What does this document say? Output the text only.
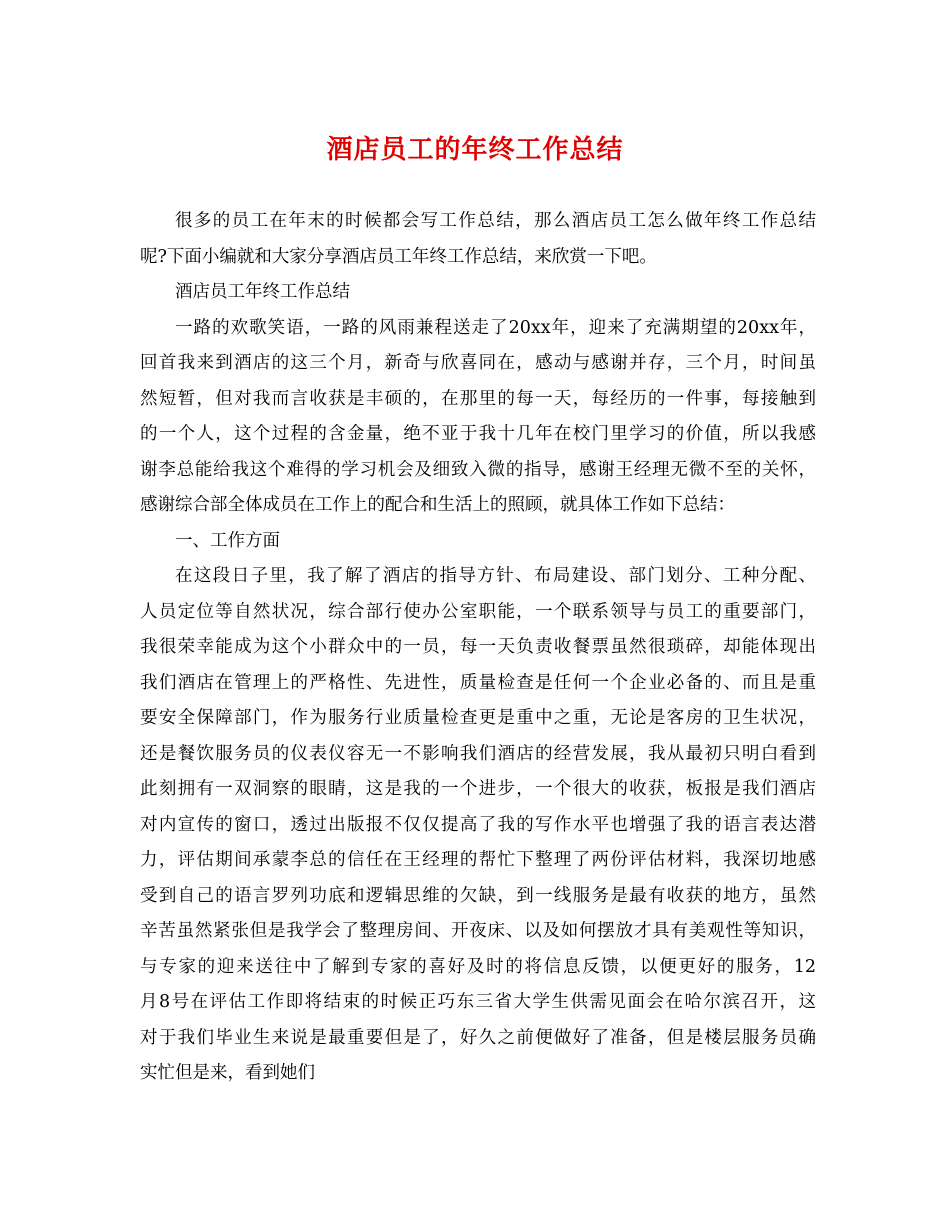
酒店员工的年终工作总结
很多的员工在年末的时候都会写工作总结，那么酒店员工怎么做年终工作总结
呢?下面小编就和大家分享酒店员工年终工作总结，来欣赏一下吧。
酒店员工年终工作总结
一路的欢歌笑语，一路的风雨兼程送走了20xx年，迎来了充满期望的20xx年，
回首我来到酒店的这三个月，新奇与欣喜同在，感动与感谢并存，三个月，时间虽
然短暂，但对我而言收获是丰硕的，在那里的每一天，每经历的一件事，每接触到
的一个人，这个过程的含金量，绝不亚于我十几年在校门里学习的价值，所以我感
谢李总能给我这个难得的学习机会及细致入微的指导，感谢王经理无微不至的关怀，
感谢综合部全体成员在工作上的配合和生活上的照顾，就具体工作如下总结：
一、工作方面
在这段日子里，我了解了酒店的指导方针、布局建设、部门划分、工种分配、
人员定位等自然状况，综合部行使办公室职能，一个联系领导与员工的重要部门，
我很荣幸能成为这个小群众中的一员，每一天负责收餐票虽然很琐碎，却能体现出
我们酒店在管理上的严格性、先进性，质量检查是任何一个企业必备的、而且是重
要安全保障部门，作为服务行业质量检查更是重中之重，无论是客房的卫生状况，
还是餐饮服务员的仪表仪容无一不影响我们酒店的经营发展，我从最初只明白看到
此刻拥有一双洞察的眼睛，这是我的一个进步，一个很大的收获，板报是我们酒店
对内宣传的窗口，透过出版报不仅仅提高了我的写作水平也增强了我的语言表达潜
力，评估期间承蒙李总的信任在王经理的帮忙下整理了两份评估材料，我深切地感
受到自己的语言罗列功底和逻辑思维的欠缺，到一线服务是最有收获的地方，虽然
辛苦虽然紧张但是我学会了整理房间、开夜床、以及如何摆放才具有美观性等知识，
与专家的迎来送往中了解到专家的喜好及时的将信息反馈，以便更好的服务，12
月8号在评估工作即将结束的时候正巧东三省大学生供需见面会在哈尔滨召开，这
对于我们毕业生来说是最重要但是了，好久之前便做好了准备，但是楼层服务员确
实忙但是来，看到她们
